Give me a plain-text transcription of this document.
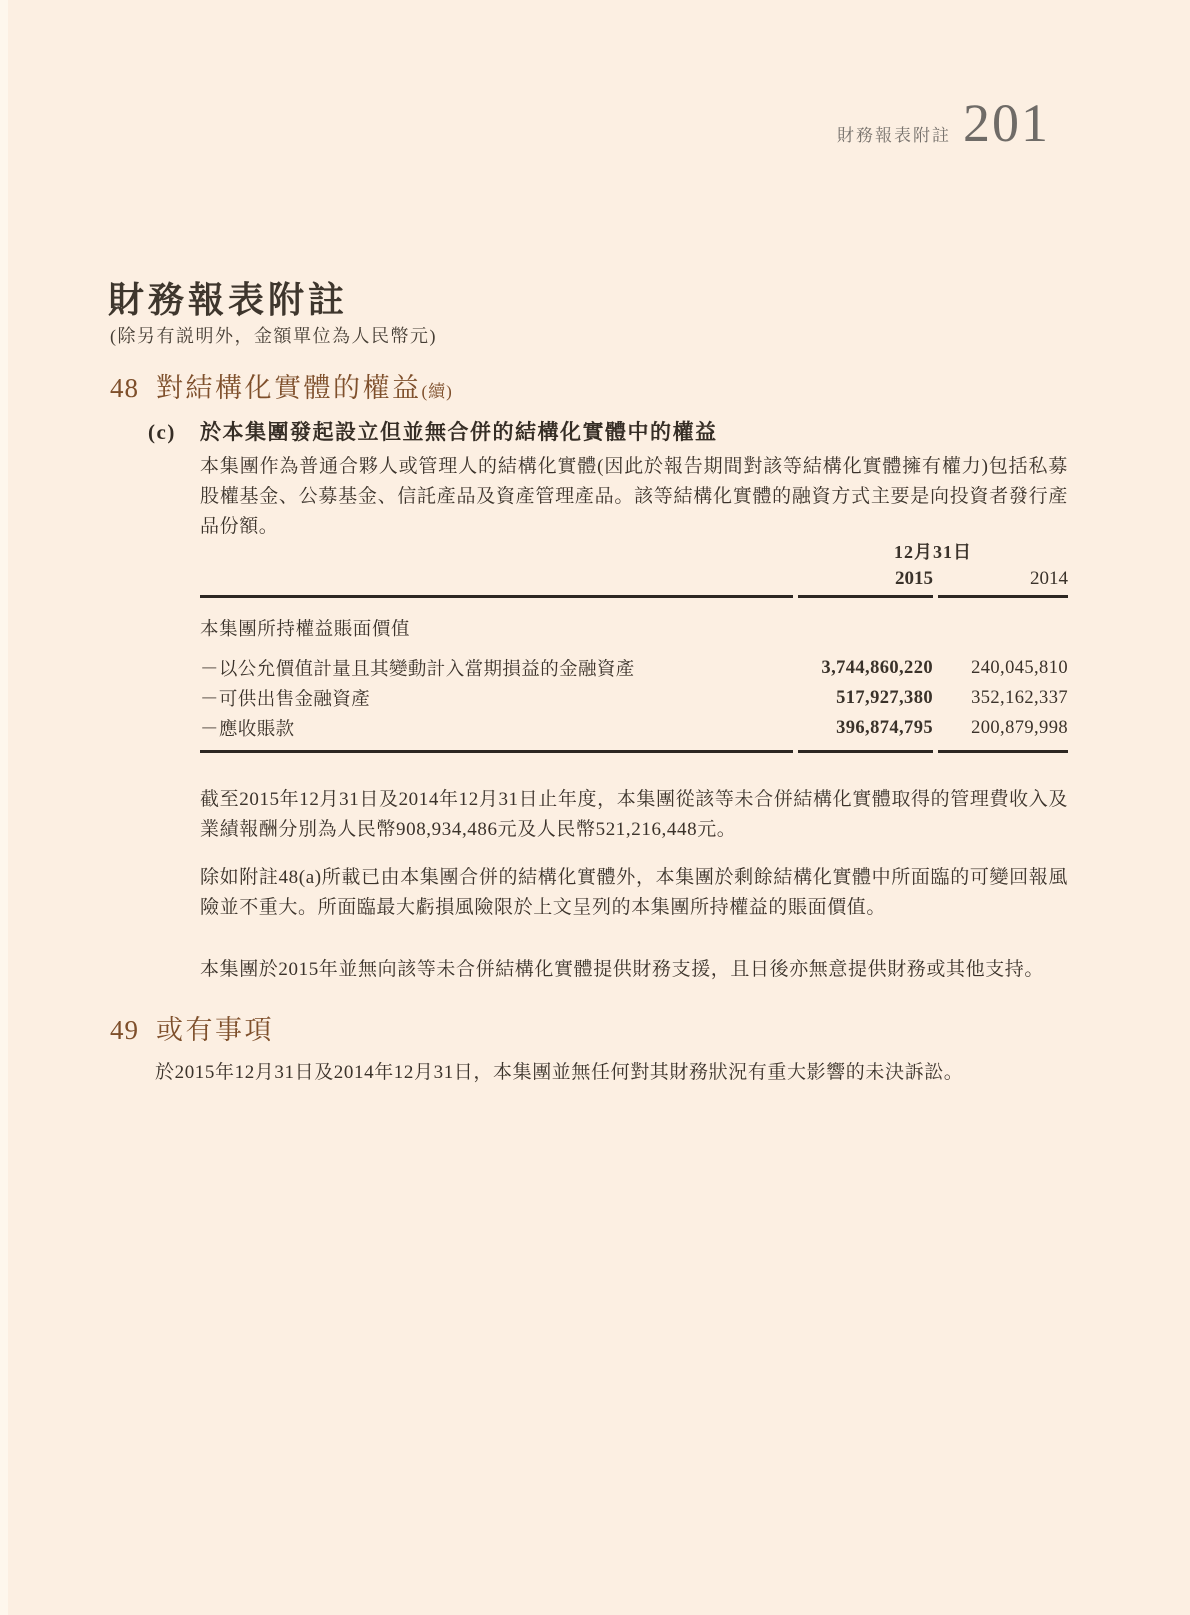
財務報表附註 201
財務報表附註
(除另有説明外，金額單位為人民幣元)
48 對結構化實體的權益 (續)
(c)	於本集團發起設立但並無合併的結構化實體中的權益

本集團作為普通合夥人或管理人的結構化實體(因此於報告期間對該等結構化實體擁有權力)包括私募股權基金、公募基金、信託產品及資產管理產品。該等結構化實體的融資方式主要是向投資者發行產品份額。

12月31日
2015	2014
本集團所持權益賬面價值
－以公允價值計量且其變動計入當期損益的金融資產	3,744,860,220	240,045,810
－可供出售金融資產	517,927,380	352,162,337
－應收賬款	396,874,795	200,879,998

截至2015年12月31日及2014年12月31日止年度，本集團從該等未合併結構化實體取得的管理費收入及業績報酬分別為人民幣908,934,486元及人民幣521,216,448元。

除如附註48(a)所載已由本集團合併的結構化實體外，本集團於剩餘結構化實體中所面臨的可變回報風險並不重大。所面臨最大虧損風險限於上文呈列的本集團所持權益的賬面價值。

本集團於2015年並無向該等未合併結構化實體提供財務支援，且日後亦無意提供財務或其他支持。

49 或有事項

於2015年12月31日及2014年12月31日，本集團並無任何對其財務狀況有重大影響的未決訴訟。
